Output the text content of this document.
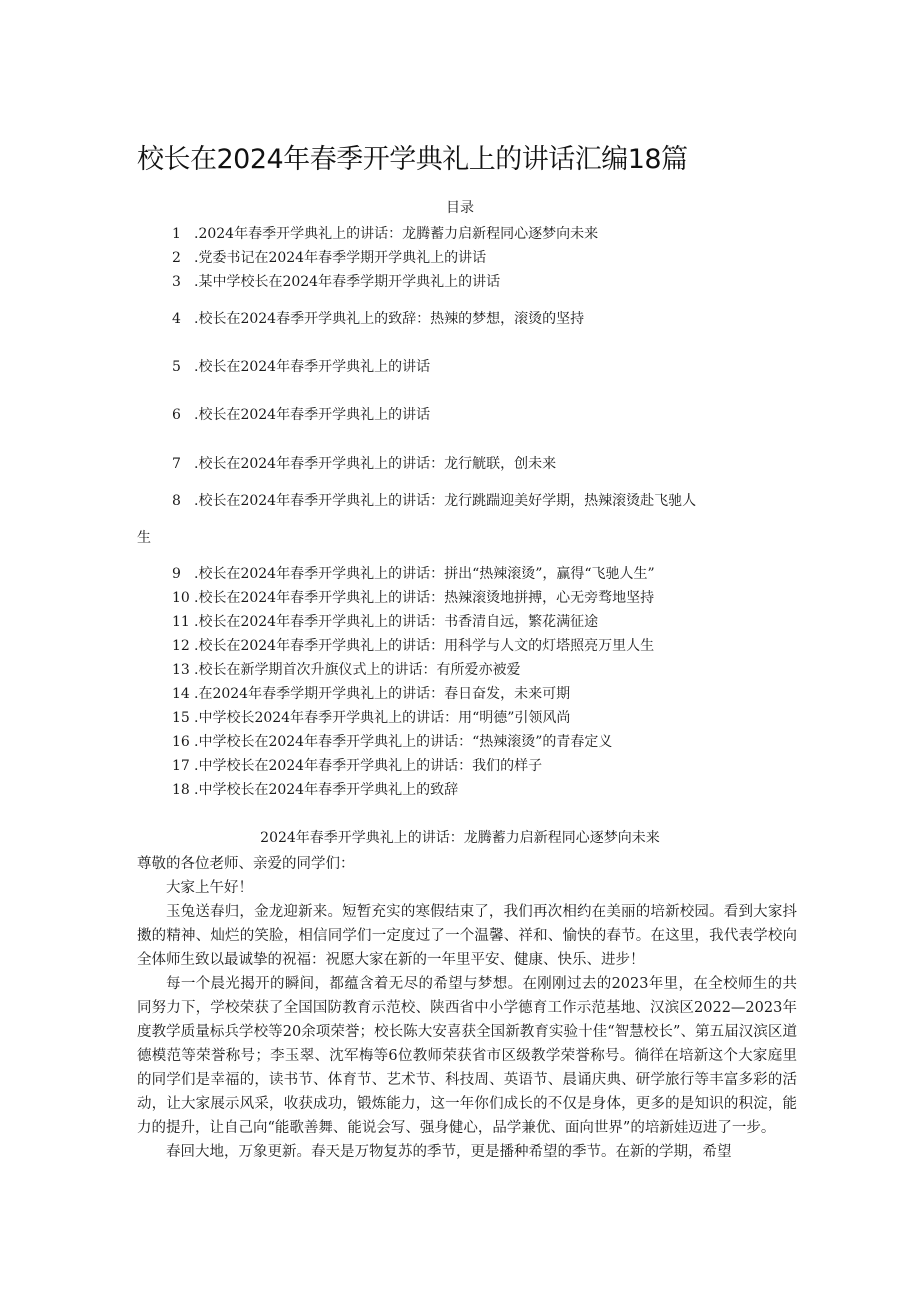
校长在2024年春季开学典礼上的讲话汇编18篇
目录
1 .2024年春季开学典礼上的讲话：龙腾蓄力启新程同心逐梦向未来
2 .党委书记在2024年春季学期开学典礼上的讲话
3 .某中学校长在2024年春季学期开学典礼上的讲话
4 .校长在2024春季开学典礼上的致辞：热辣的梦想，滚烫的坚持
5 .校长在2024年春季开学典礼上的讲话
6 .校长在2024年春季开学典礼上的讲话
7 .校长在2024年春季开学典礼上的讲话：龙行觥联，创未来
8 .校长在2024年春季开学典礼上的讲话：龙行跳踹迎美好学期，热辣滚烫赴飞驰人
生
9 .校长在2024年春季开学典礼上的讲话：拼出“热辣滚烫”，赢得“飞驰人生”
10 .校长在2024年春季开学典礼上的讲话：热辣滚烫地拼搏，心无旁骛地坚持
11 .校长在2024年春季开学典礼上的讲话：书香清自远，繁花满征途
12 .校长在2024年春季开学典礼上的讲话：用科学与人文的灯塔照亮万里人生
13 .校长在新学期首次升旗仪式上的讲话：有所爱亦被爱
14 .在2024年春季学期开学典礼上的讲话：春日奋发，未来可期
15 .中学校长2024年春季开学典礼上的讲话：用“明德”引领风尚
16 .中学校长在2024年春季开学典礼上的讲话：“热辣滚烫”的青春定义
17 .中学校长在2024年春季开学典礼上的讲话：我们的样子
18 .中学校长在2024年春季开学典礼上的致辞
2024年春季开学典礼上的讲话：龙腾蓄力启新程同心逐梦向未来

尊敬的各位老师、亲爱的同学们：

大家上午好！

玉兔送春归，金龙迎新来。短暂充实的寒假结束了，我们再次相约在美丽的培新校园。看到大家抖擞的精神、灿烂的笑脸，相信同学们一定度过了一个温馨、祥和、愉快的春节。在这里，我代表学校向全体师生致以最诚挚的祝福：祝愿大家在新的一年里平安、健康、快乐、进步！

每一个晨光揭开的瞬间，都蕴含着无尽的希望与梦想。在刚刚过去的2023年里，在全校师生的共同努力下，学校荣获了全国国防教育示范校、陕西省中小学德育工作示范基地、汉滨区2022—2023年度教学质量标兵学校等20余项荣誉；校长陈大安喜获全国新教育实验十佳“智慧校长”、第五届汉滨区道德模范等荣誉称号；李玉翠、沈军梅等6位教师荣获省市区级教学荣誉称号。徜徉在培新这个大家庭里的同学们是幸福的，读书节、体育节、艺术节、科技周、英语节、晨诵庆典、研学旅行等丰富多彩的活动，让大家展示风采，收获成功，锻炼能力，这一年你们成长的不仅是身体，更多的是知识的积淀，能力的提升，让自己向“能歌善舞、能说会写、强身健心，品学兼优、面向世界”的培新娃迈进了一步。

春回大地，万象更新。春天是万物复苏的季节，更是播种希望的季节。在新的学期，希望
